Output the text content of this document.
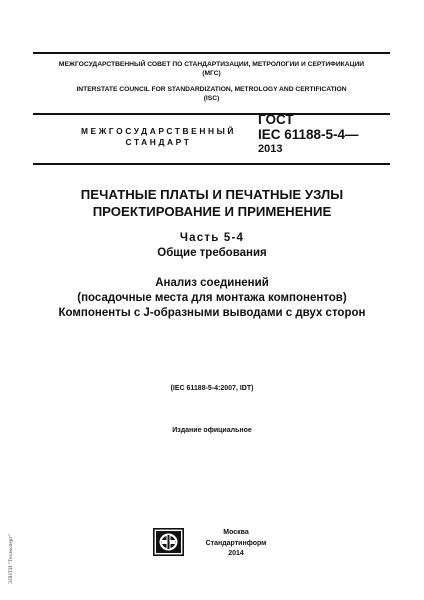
МЕЖГОСУДАРСТВЕННЫЙ СОВЕТ ПО СТАНДАРТИЗАЦИИ, МЕТРОЛОГИИ И СЕРТИФИКАЦИИ

(МГС)

INTERSTATE COUNCIL FOR STANDARDIZATION, METROLOGY AND CERTIFICATION

(ISC)

МЕЖГОСУДАРСТВЕННЫЙ
СТАНДАРТ
ГОСТ
IEC 61188-5-4—
2013

ПЕЧАТНЫЕ ПЛАТЫ И ПЕЧАТНЫЕ УЗЛЫ

ПРОЕКТИРОВАНИЕ И ПРИМЕНЕНИЕ

Часть 5-4

Общие требования

Анализ соединений

(посадочные места для монтажа компонентов)

Компоненты с J-образными выводами с двух сторон

(IEC 61188-5-4:2007, IDT)

Издание официальное

ЭЛНТИ "Техэксперт"
Москва
Стандартинформ
2014
